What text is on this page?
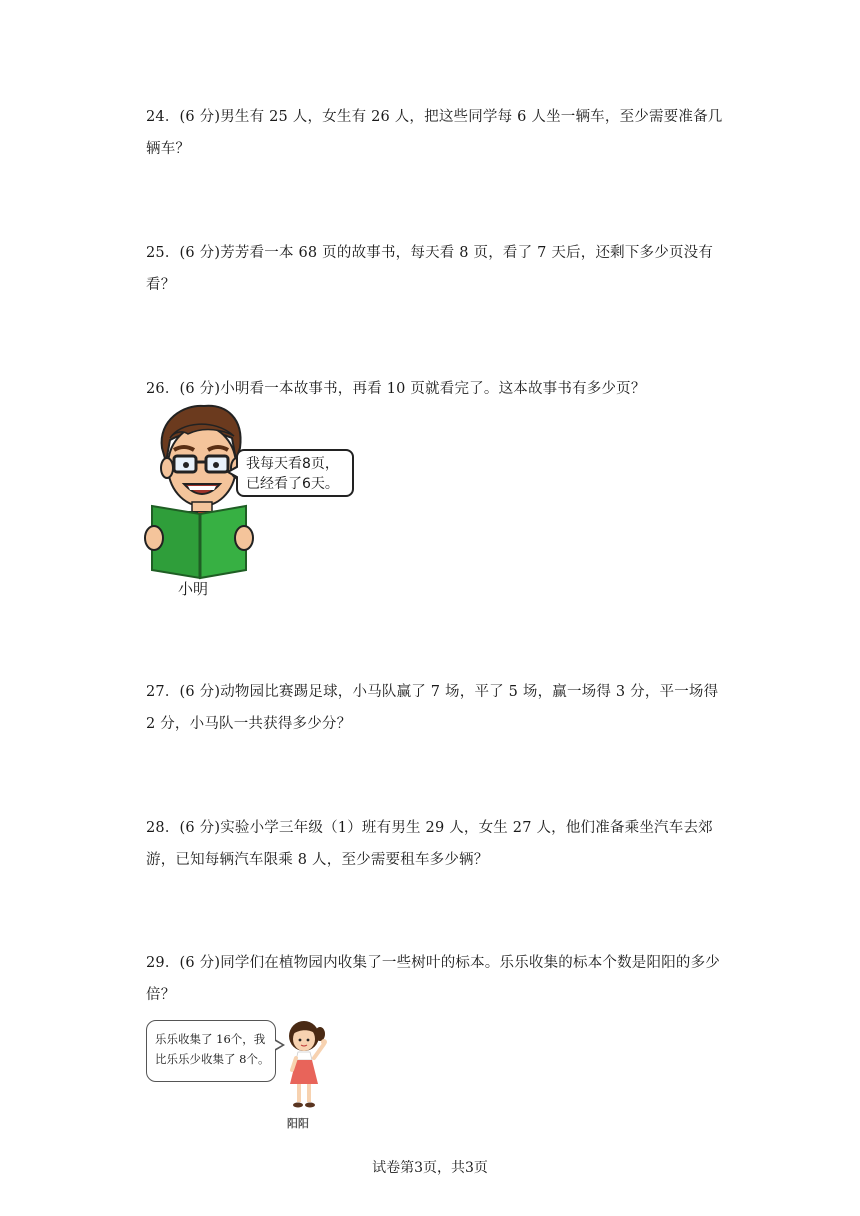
24．(6 分)男生有 25 人，女生有 26 人，把这些同学每 6 人坐一辆车，至少需要准备几辆车？

25．(6 分)芳芳看一本 68 页的故事书，每天看 8 页，看了 7 天后，还剩下多少页没有看？

26．(6 分)小明看一本故事书，再看 10 页就看完了。这本故事书有多少页？

我每天看8页，
已经看了6天。
小明

27．(6 分)动物园比赛踢足球，小马队赢了 7 场，平了 5 场，赢一场得 3 分，平一场得 2 分，小马队一共获得多少分？

28．(6 分)实验小学三年级（1）班有男生 29 人，女生 27 人，他们准备乘坐汽车去郊游，已知每辆汽车限乘 8 人，至少需要租车多少辆？

29．(6 分)同学们在植物园内收集了一些树叶的标本。乐乐收集的标本个数是阳阳的多少倍？

乐乐收集了 16个，我
比乐乐少收集了 8个。
阳阳
试卷第3页，共3页
